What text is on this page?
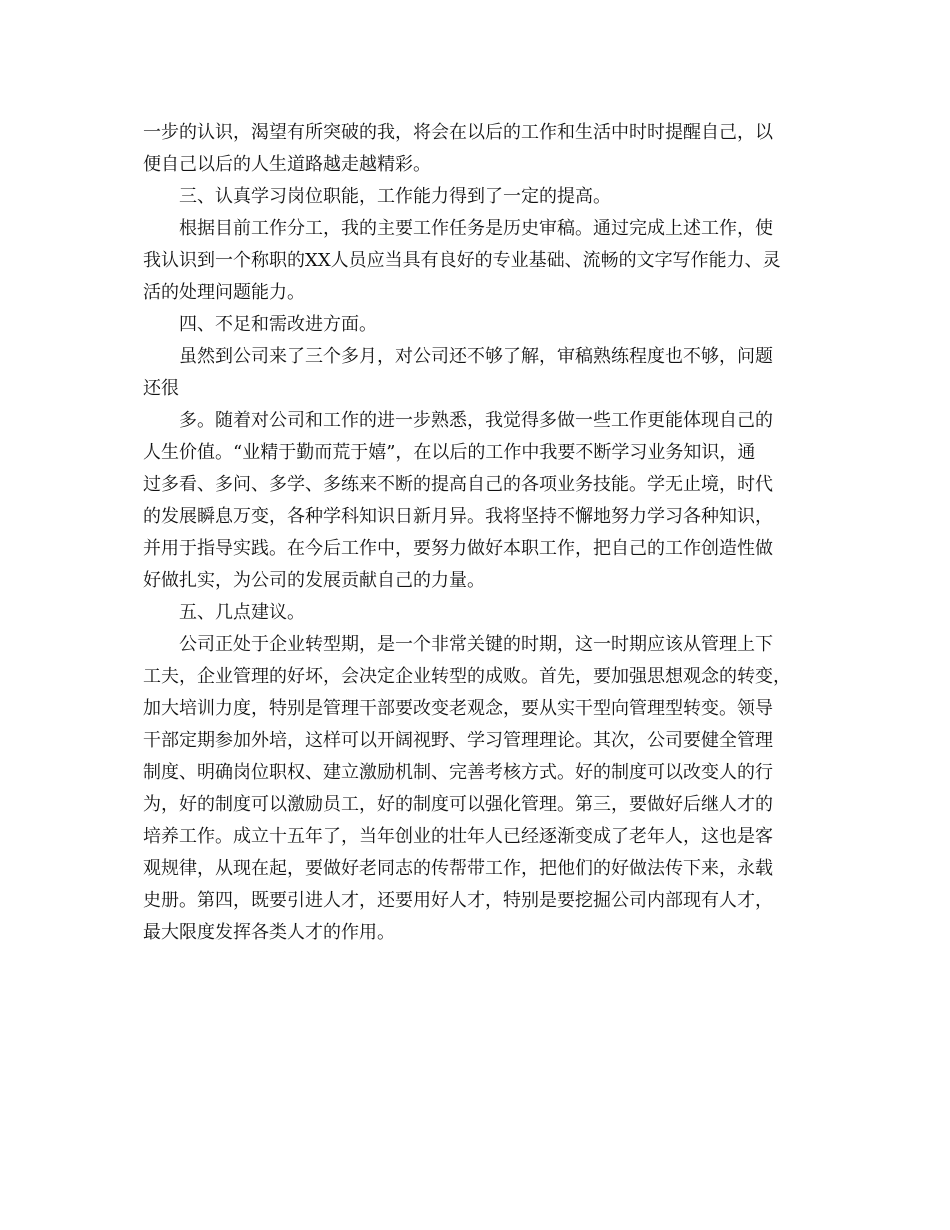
一步的认识，渴望有所突破的我，将会在以后的工作和生活中时时提醒自己，以
便自己以后的人生道路越走越精彩。
三、认真学习岗位职能，工作能力得到了一定的提高。
根据目前工作分工，我的主要工作任务是历史审稿。通过完成上述工作，使
我认识到一个称职的XX人员应当具有良好的专业基础、流畅的文字写作能力、灵
活的处理问题能力。
四、不足和需改进方面。
虽然到公司来了三个多月，对公司还不够了解，审稿熟练程度也不够，问题
还很
多。随着对公司和工作的进一步熟悉，我觉得多做一些工作更能体现自己的
人生价值。“业精于勤而荒于嬉”，在以后的工作中我要不断学习业务知识，通
过多看、多问、多学、多练来不断的提高自己的各项业务技能。学无止境，时代
的发展瞬息万变，各种学科知识日新月异。我将坚持不懈地努力学习各种知识，
并用于指导实践。在今后工作中，要努力做好本职工作，把自己的工作创造性做
好做扎实，为公司的发展贡献自己的力量。
五、几点建议。
公司正处于企业转型期，是一个非常关键的时期，这一时期应该从管理上下
工夫，企业管理的好坏，会决定企业转型的成败。首先，要加强思想观念的转变，
加大培训力度，特别是管理干部要改变老观念，要从实干型向管理型转变。领导
干部定期参加外培，这样可以开阔视野、学习管理理论。其次，公司要健全管理
制度、明确岗位职权、建立激励机制、完善考核方式。好的制度可以改变人的行
为，好的制度可以激励员工，好的制度可以强化管理。第三，要做好后继人才的
培养工作。成立十五年了，当年创业的壮年人已经逐渐变成了老年人，这也是客
观规律，从现在起，要做好老同志的传帮带工作，把他们的好做法传下来，永载
史册。第四，既要引进人才，还要用好人才，特别是要挖掘公司内部现有人才，
最大限度发挥各类人才的作用。
